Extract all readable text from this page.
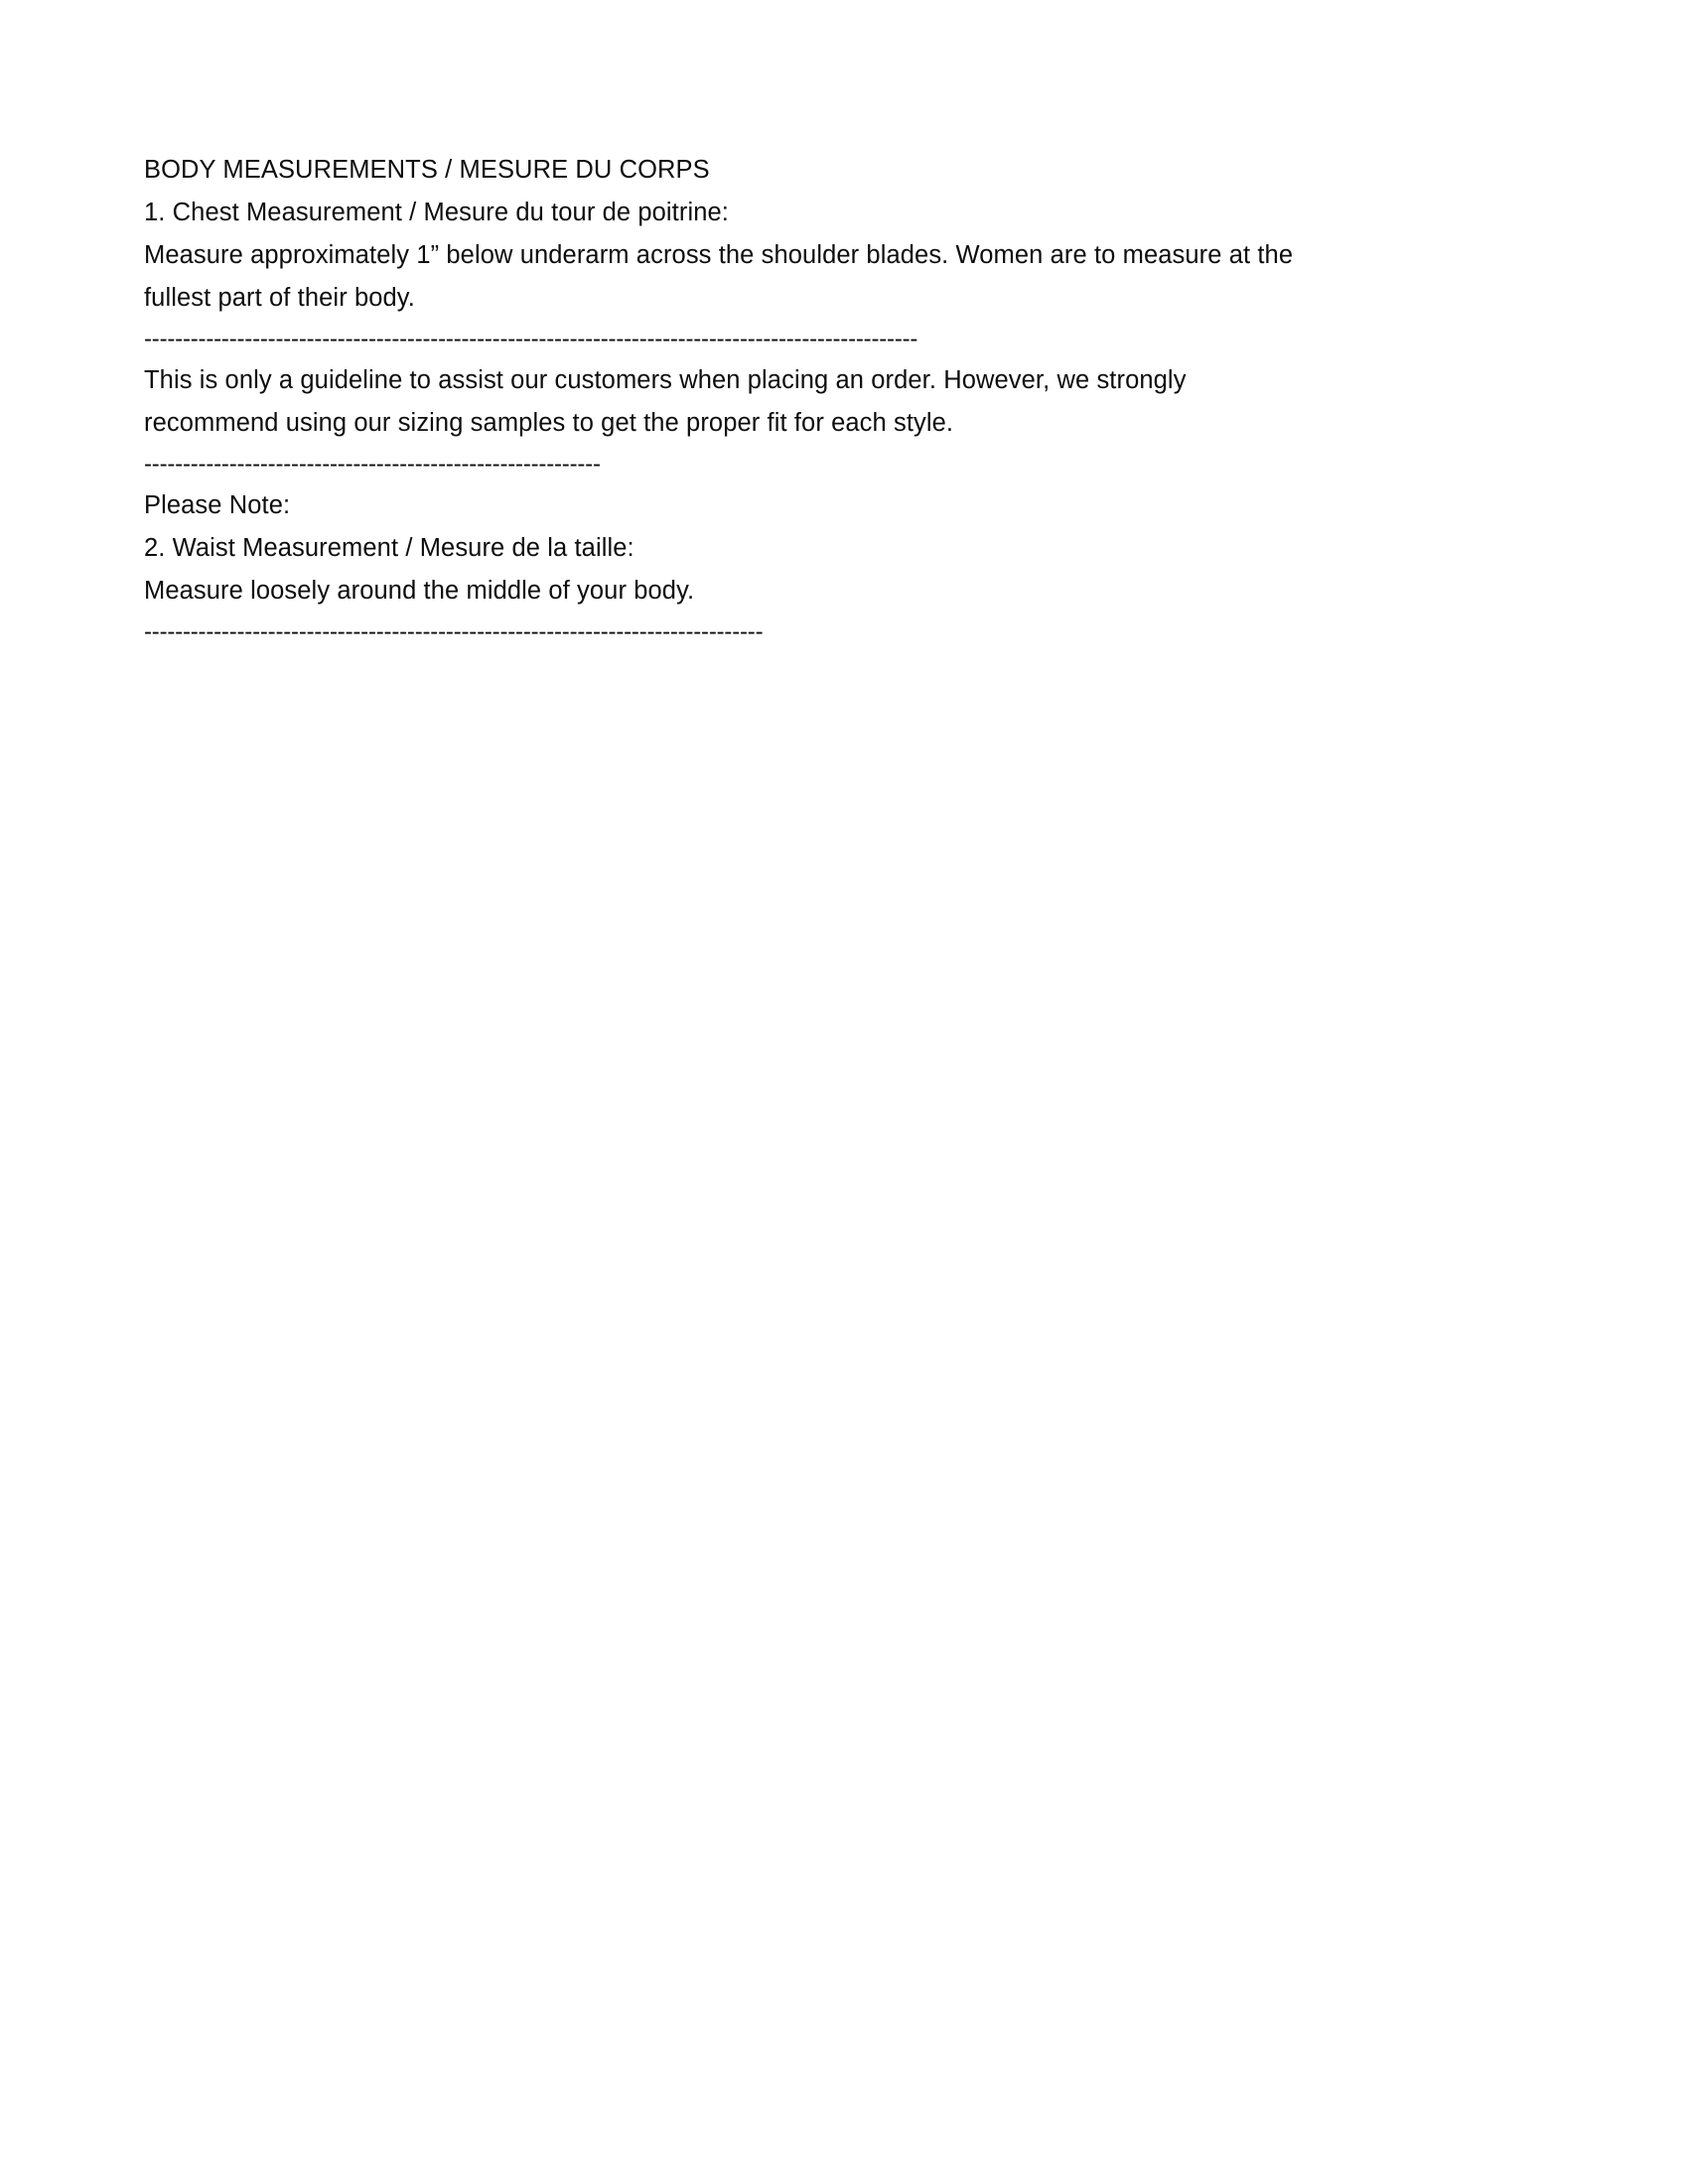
BODY MEASUREMENTS / MESURE DU CORPS
1. Chest Measurement / Mesure du tour de poitrine:
Measure approximately 1” below underarm across the shoulder blades. Women are to measure at the fullest part of their body.
----------------------------------------------------------------------------------------------------
This is only a guideline to assist our customers when placing an order. However, we strongly recommend using our sizing samples to get the proper fit for each style.
-----------------------------------------------------------
Please Note:
2. Waist Measurement / Mesure de la taille:
Measure loosely around the middle of your body.
--------------------------------------------------------------------------------
